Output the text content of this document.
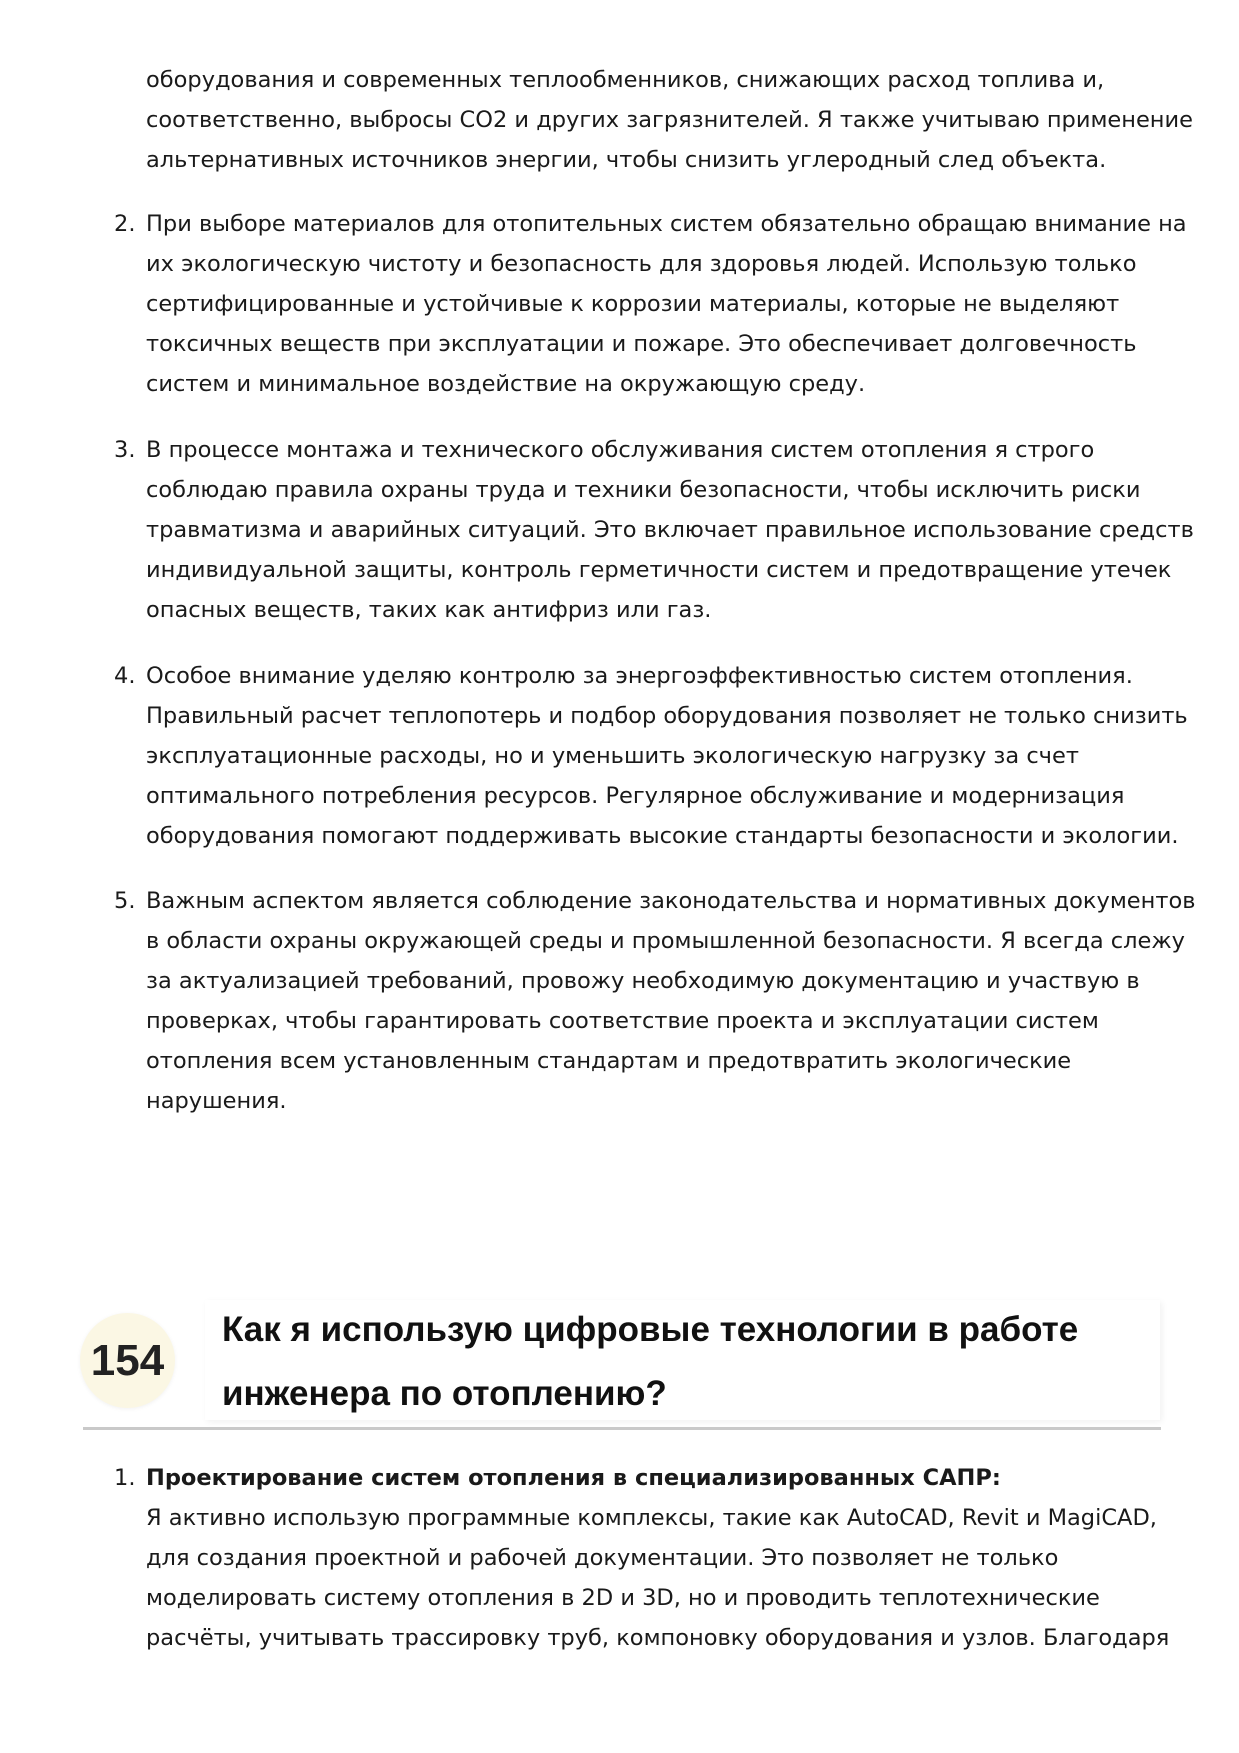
оборудования и современных теплообменников, снижающих расход топлива и,
соответственно, выбросы CO2 и других загрязнителей. Я также учитываю применение
альтернативных источников энергии, чтобы снизить углеродный след объекта.

2. При выборе материалов для отопительных систем обязательно обращаю внимание на
их экологическую чистоту и безопасность для здоровья людей. Использую только
сертифицированные и устойчивые к коррозии материалы, которые не выделяют
токсичных веществ при эксплуатации и пожаре. Это обеспечивает долговечность
систем и минимальное воздействие на окружающую среду.

3. В процессе монтажа и технического обслуживания систем отопления я строго
соблюдаю правила охраны труда и техники безопасности, чтобы исключить риски
травматизма и аварийных ситуаций. Это включает правильное использование средств
индивидуальной защиты, контроль герметичности систем и предотвращение утечек
опасных веществ, таких как антифриз или газ.

4. Особое внимание уделяю контролю за энергоэффективностью систем отопления.
Правильный расчет теплопотерь и подбор оборудования позволяет не только снизить
эксплуатационные расходы, но и уменьшить экологическую нагрузку за счет
оптимального потребления ресурсов. Регулярное обслуживание и модернизация
оборудования помогают поддерживать высокие стандарты безопасности и экологии.

5. Важным аспектом является соблюдение законодательства и нормативных документов
в области охраны окружающей среды и промышленной безопасности. Я всегда слежу
за актуализацией требований, провожу необходимую документацию и участвую в
проверках, чтобы гарантировать соответствие проекта и эксплуатации систем
отопления всем установленным стандартам и предотвратить экологические
нарушения.

154
Как я использую цифровые технологии в работе
инженера по отоплению?
1. Проектирование систем отопления в специализированных САПР:
Я активно использую программные комплексы, такие как AutoCAD, Revit и MagiCAD,
для создания проектной и рабочей документации. Это позволяет не только
моделировать систему отопления в 2D и 3D, но и проводить теплотехнические
расчёты, учитывать трассировку труб, компоновку оборудования и узлов. Благодаря
